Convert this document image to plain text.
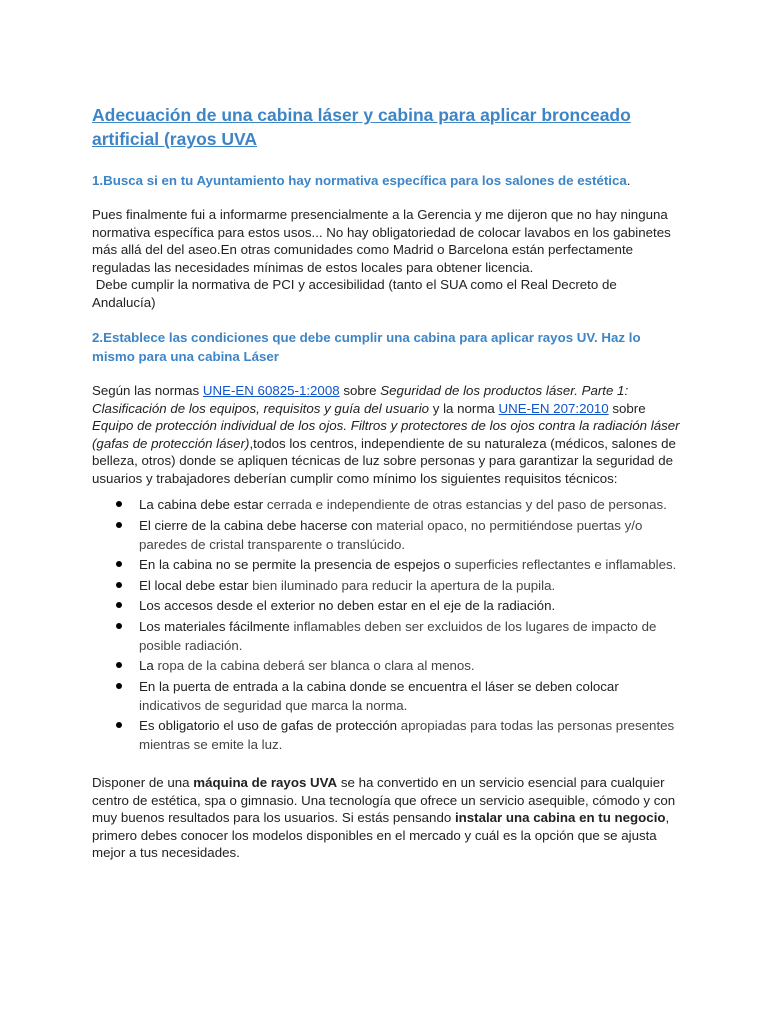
Adecuación de una cabina láser y cabina para aplicar bronceado artificial (rayos UVA
1.Busca si en tu Ayuntamiento hay normativa específica para los salones de estética.

Pues finalmente fui a informarme presencialmente a la Gerencia y me dijeron que no hay ninguna normativa específica para estos usos... No hay obligatoriedad de colocar lavabos en los gabinetes más allá del del aseo.En otras comunidades como Madrid o Barcelona están perfectamente reguladas las necesidades mínimas de estos locales para obtener licencia.

Debe cumplir la normativa de PCI y accesibilidad (tanto el SUA como el Real Decreto de Andalucía)

2.Establece las condiciones que debe cumplir una cabina para aplicar rayos UV. Haz lo mismo para una cabina Láser

Según las normas UNE-EN 60825-1:2008 sobre Seguridad de los productos láser. Parte 1: Clasificación de los equipos, requisitos y guía del usuario y la norma UNE-EN 207:2010 sobre Equipo de protección individual de los ojos. Filtros y protectores de los ojos contra la radiación láser (gafas de protección láser),todos los centros, independiente de su naturaleza (médicos, salones de belleza, otros) donde se apliquen técnicas de luz sobre personas y para garantizar la seguridad de usuarios y trabajadores deberían cumplir como mínimo los siguientes requisitos técnicos:

La cabina debe estar cerrada e independiente de otras estancias y del paso de personas.
El cierre de la cabina debe hacerse con material opaco, no permitiéndose puertas y/o paredes de cristal transparente o translúcido.
En la cabina no se permite la presencia de espejos o superficies reflectantes e inflamables.
El local debe estar bien iluminado para reducir la apertura de la pupila.
Los accesos desde el exterior no deben estar en el eje de la radiación.
Los materiales fácilmente inflamables deben ser excluidos de los lugares de impacto de posible radiación.
La ropa de la cabina deberá ser blanca o clara al menos.
En la puerta de entrada a la cabina donde se encuentra el láser se deben colocar indicativos de seguridad que marca la norma.
Es obligatorio el uso de gafas de protección apropiadas para todas las personas presentes mientras se emite la luz.

Disponer de una máquina de rayos UVA se ha convertido en un servicio esencial para cualquier centro de estética, spa o gimnasio. Una tecnología que ofrece un servicio asequible, cómodo y con muy buenos resultados para los usuarios. Si estás pensando instalar una cabina en tu negocio, primero debes conocer los modelos disponibles en el mercado y cuál es la opción que se ajusta mejor a tus necesidades.
